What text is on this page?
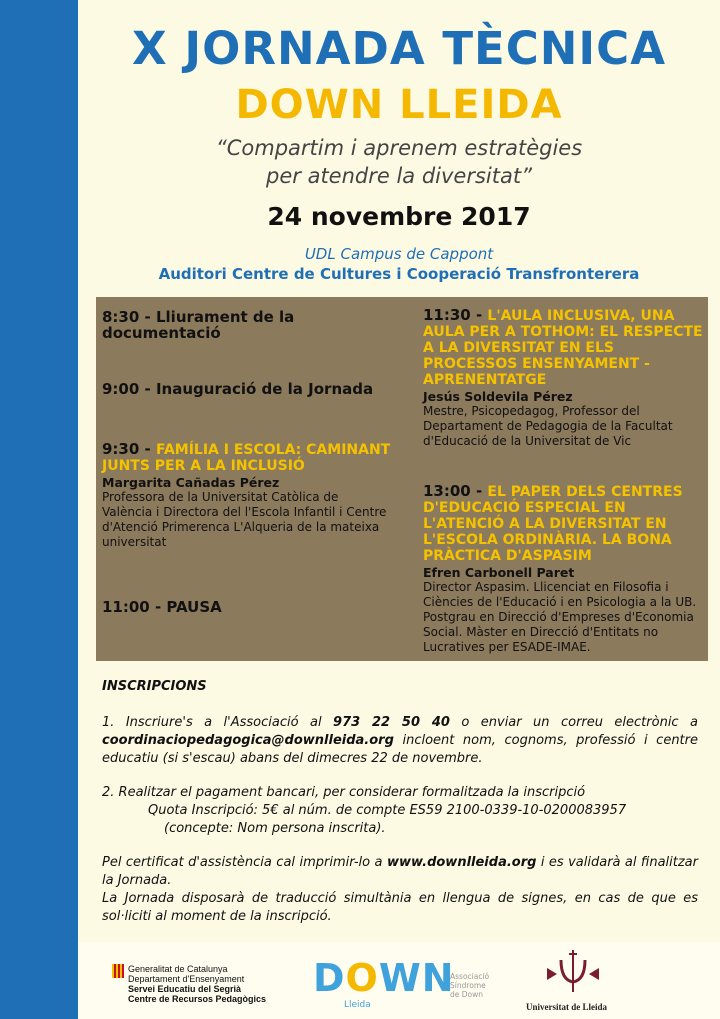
X JORNADA TÈCNICA
DOWN LLEIDA
“Compartim i aprenem estratègies
per atendre la diversitat”
24 novembre 2017
UDL Campus de Cappont
Auditori Centre de Cultures i Cooperació Transfronterera
8:30 - Lliurament de la documentació
9:00 - Inauguració de la Jornada
9:30 - FAMÍLIA I ESCOLA: CAMINANT JUNTS PER A LA INCLUSIÓ
Margarita Cañadas Pérez
Professora de la Universitat Catòlica de València i Directora del l'Escola Infantil i Centre d'Atenció Primerenca L'Alqueria de la mateixa universitat
11:00 - PAUSA
11:30 - L'AULA INCLUSIVA, UNA AULA PER A TOTHOM: EL RESPECTE A LA DIVERSITAT EN ELS PROCESSOS ENSENYAMENT - APRENENTATGE
Jesús Soldevila Pérez
Mestre, Psicopedagog, Professor del Departament de Pedagogia de la Facultat d'Educació de la Universitat de Vic
13:00 - EL PAPER DELS CENTRES D'EDUCACIÓ ESPECIAL EN L'ATENCIÓ A LA DIVERSITAT EN L'ESCOLA ORDINÀRIA. LA BONA PRÀCTICA D'ASPASIM
Efren Carbonell Paret
Director Aspasim. Llicenciat en Filosofia i Ciències de l'Educació i en Psicologia a la UB. Postgrau en Direcció d'Empreses d'Economia Social. Màster en Direcció d'Entitats no Lucratives per ESADE-IMAE.
INSCRIPCIONS
1. Inscriure's a l'Associació al 973 22 50 40 o enviar un correu electrònic a coordinaciopedagogica@downlleida.org incloent nom, cognoms, professió i centre educatiu (si s'escau) abans del dimecres 22 de novembre.
2. Realitzar el pagament bancari, per considerar formalitzada la inscripció
Quota Inscripció: 5€ al núm. de compte ES59 2100-0339-10-0200083957
(concepte: Nom persona inscrita).
Pel certificat d'assistència cal imprimir-lo a www.downlleida.org i es validarà al finalitzar la Jornada.
La Jornada disposarà de traducció simultània en llengua de signes, en cas de que es sol·liciti al moment de la inscripció.
Generalitat de Catalunya
Departament d'Ensenyament
Servei Educatiu del Segrià
Centre de Recursos Pedagògics DOWN
Lleida
Associació
Síndrome
de Down
Universitat de Lleida
